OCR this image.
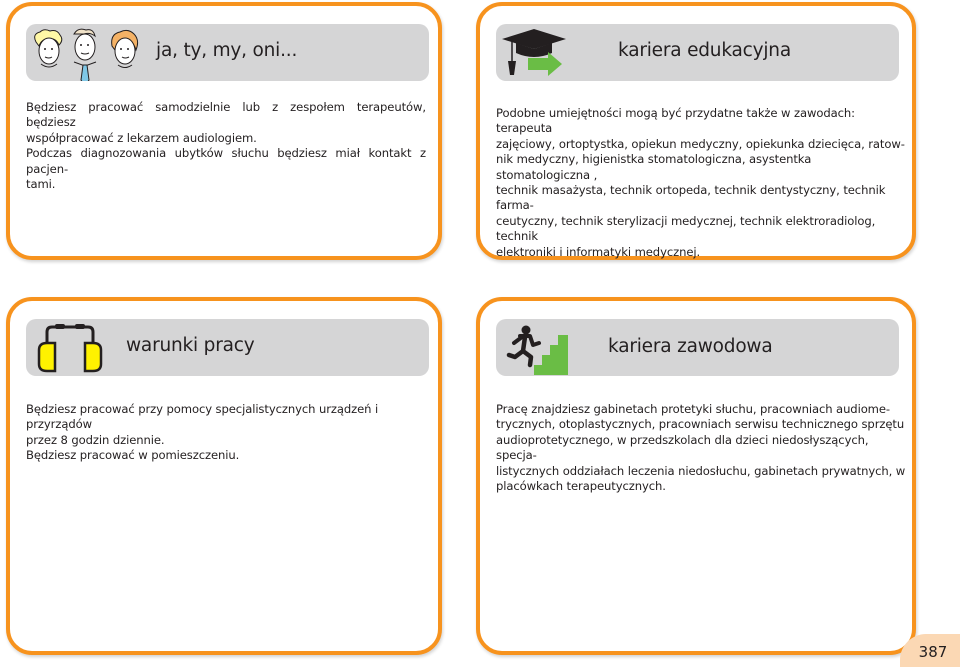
ja, ty, my, oni...

Będziesz pracować samodzielnie lub z zespołem terapeutów, będziesz

współpracować z lekarzem audiologiem.

Podczas diagnozowania ubytków słuchu będziesz miał kontakt z pacjen-

tami.

kariera edukacyjna

Podobne umiejętności mogą być przydatne także w zawodach: terapeuta

zajęciowy, ortoptystka, opiekun medyczny, opiekunka dziecięca, ratow-

nik medyczny, higienistka stomatologiczna, asystentka stomatologiczna ,

technik masażysta, technik ortopeda, technik dentystyczny, technik farma-

ceutyczny, technik sterylizacji medycznej, technik elektroradiolog, technik

elektroniki i informatyki medycznej.

warunki pracy

Będziesz pracować przy pomocy specjalistycznych urządzeń i przyrządów

przez 8 godzin dziennie.

Będziesz pracować w pomieszczeniu.

kariera zawodowa

Pracę znajdziesz gabinetach protetyki słuchu, pracowniach audiome-

trycznych, otoplastycznych, pracowniach serwisu technicznego sprzętu

audioprotetycznego, w przedszkolach dla dzieci niedosłyszących, specja-

listycznych oddziałach leczenia niedosłuchu, gabinetach prywatnych, w

placówkach terapeutycznych.

387
